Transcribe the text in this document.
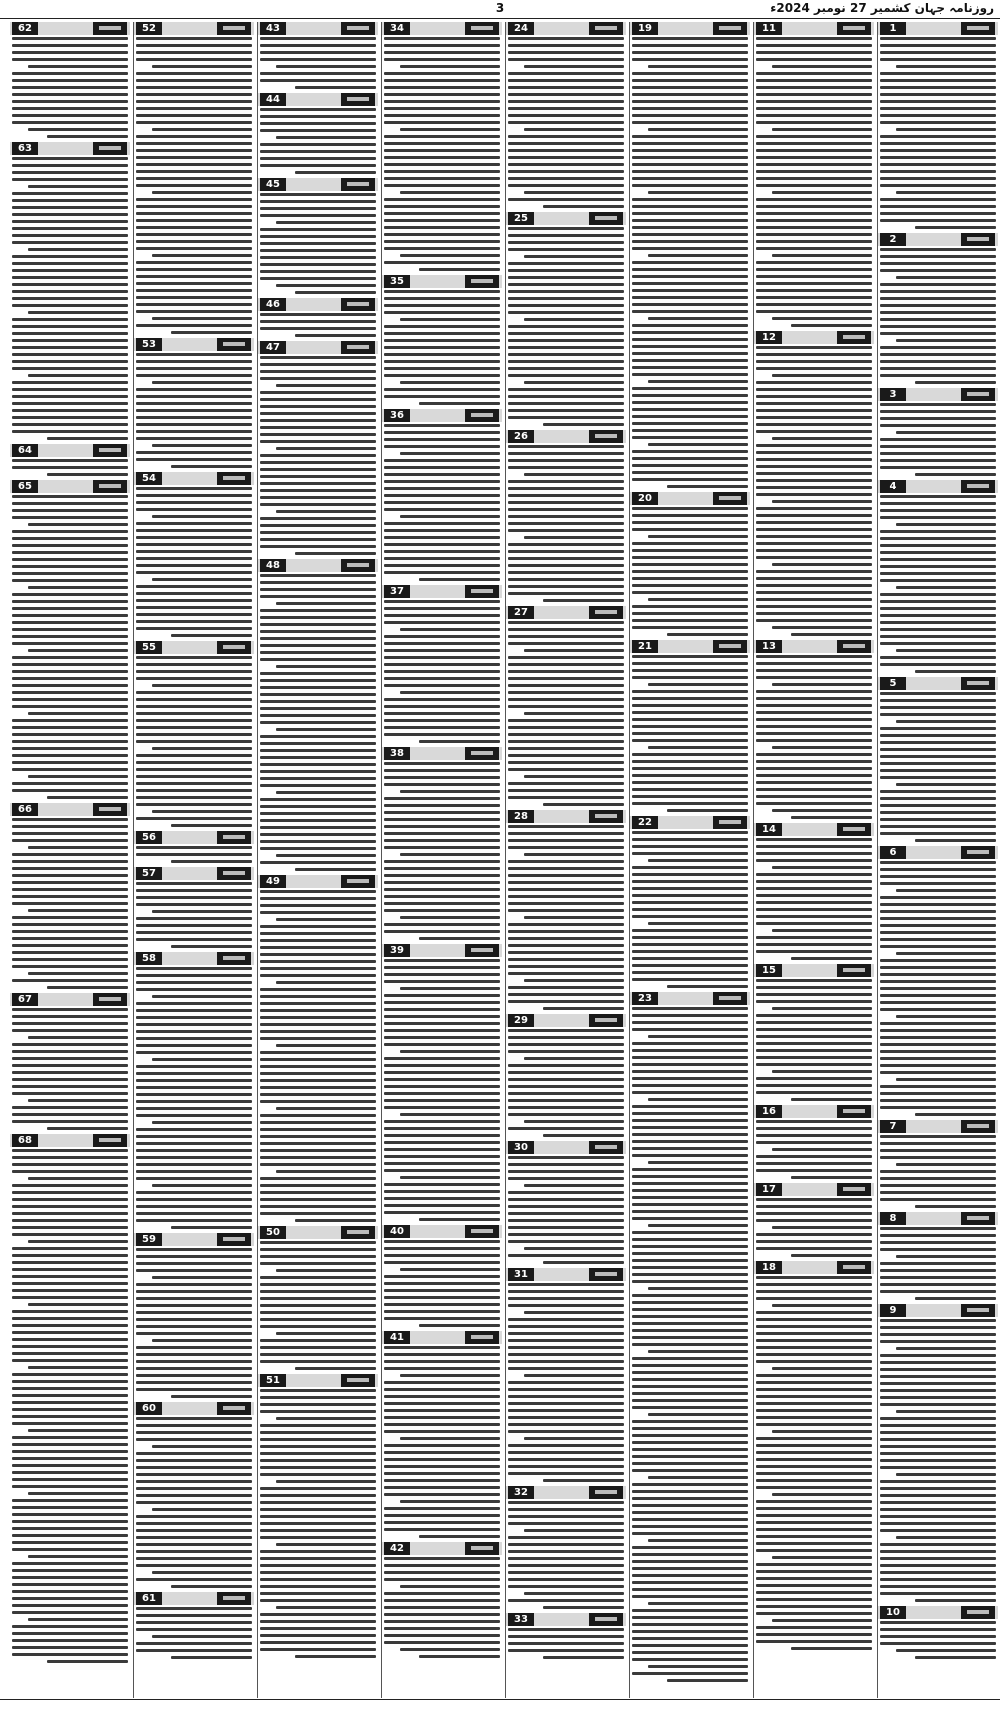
روزنامہ جہان کشمیر 27 نومبر 2024ء
3
1
2
3
4
5
6
7
8
9
10
11
12
13
14
15
16
17
18
19
20
21
22
23
24
25
26
27
28
29
30
31
32
33
34
35
36
37
38
39
40
41
42
43
44
45
46
47
48
49
50
51
52
53
54
55
56
57
58
59
60
61
62
63
64
65
66
67
68
